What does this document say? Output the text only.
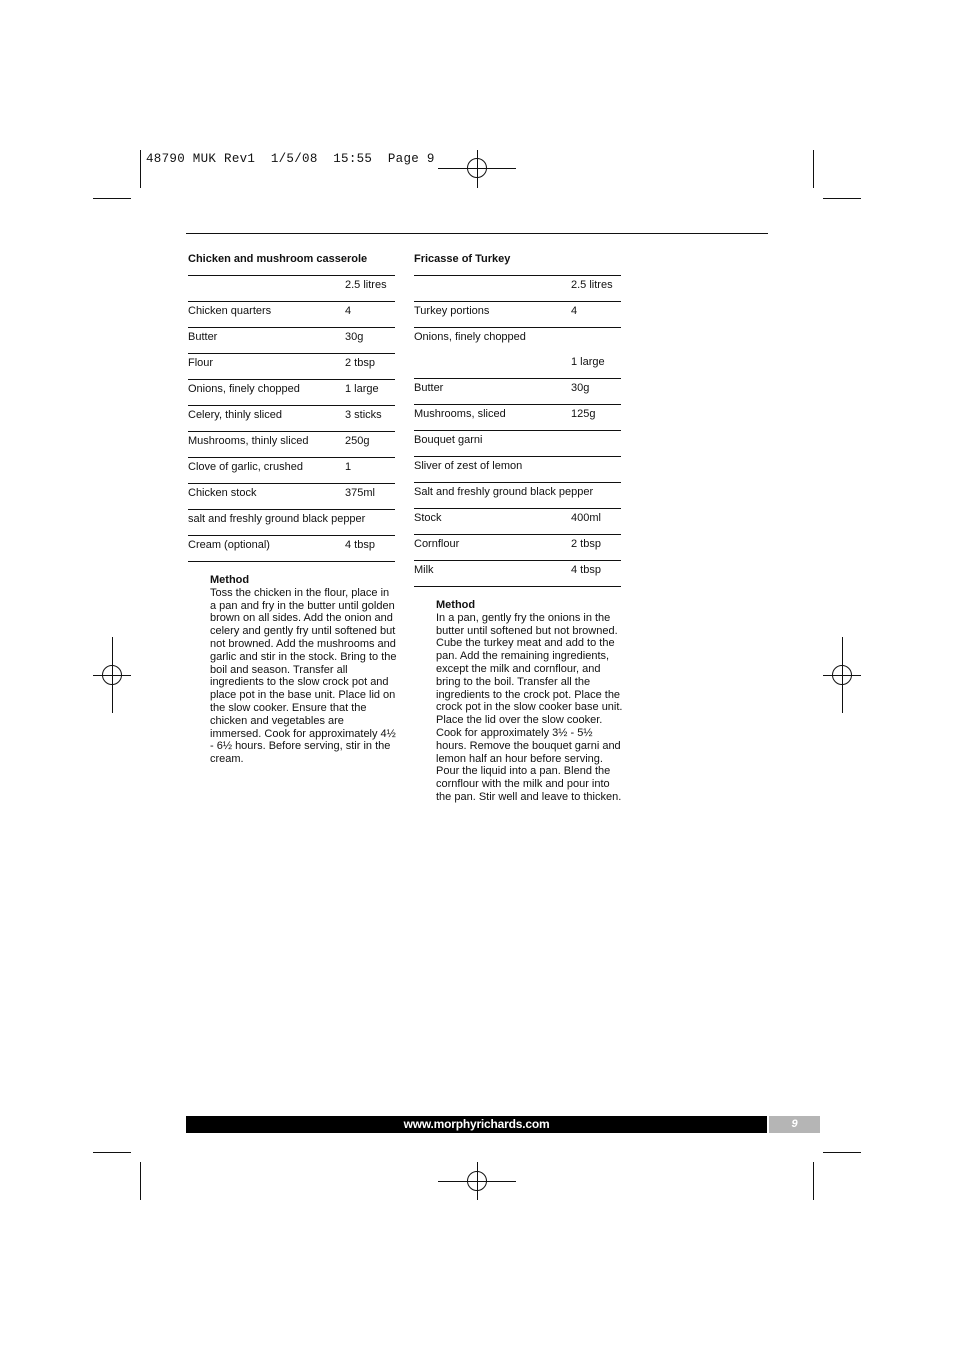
48790 MUK Rev1  1/5/08  15:55  Page 9
Chicken and mushroom casserole
2.5 litres
Chicken quarters	4
Butter	30g
Flour	2 tbsp
Onions, finely chopped	1 large
Celery, thinly sliced	3 sticks
Mushrooms, thinly sliced	250g
Clove of garlic, crushed	1
Chicken stock	375ml
salt and freshly ground black pepper
Cream (optional)	4 tbsp
Method

Toss the chicken in the flour, place in a pan and fry in the butter until golden brown on all sides. Add the onion and celery and gently fry until softened but not browned. Add the mushrooms and garlic and stir in the stock. Bring to the boil and season. Transfer all ingredients to the slow crock pot and place pot in the base unit. Place lid on the slow cooker. Ensure that the chicken and vegetables are immersed. Cook for approximately 4½ - 6½ hours. Before serving, stir in the cream.

Fricasse of Turkey
2.5 litres
Turkey portions	4
Onions, finely chopped
1 large
Butter	30g
Mushrooms, sliced	125g
Bouquet garni
Sliver of zest of lemon
Salt and freshly ground black pepper
Stock	400ml
Cornflour	2 tbsp
Milk	4 tbsp
Method

In a pan, gently fry the onions in the butter until softened but not browned. Cube the turkey meat and add to the pan. Add the remaining ingredients, except the milk and cornflour, and bring to the boil. Transfer all the ingredients to the crock pot. Place the crock pot in the slow cooker base unit. Place the lid over the slow cooker. Cook for approximately 3½ - 5½ hours. Remove the bouquet garni and lemon half an hour before serving. Pour the liquid into a pan. Blend the cornflour with the milk and pour into the pan. Stir well and leave to thicken.

www.morphyrichards.com	9
